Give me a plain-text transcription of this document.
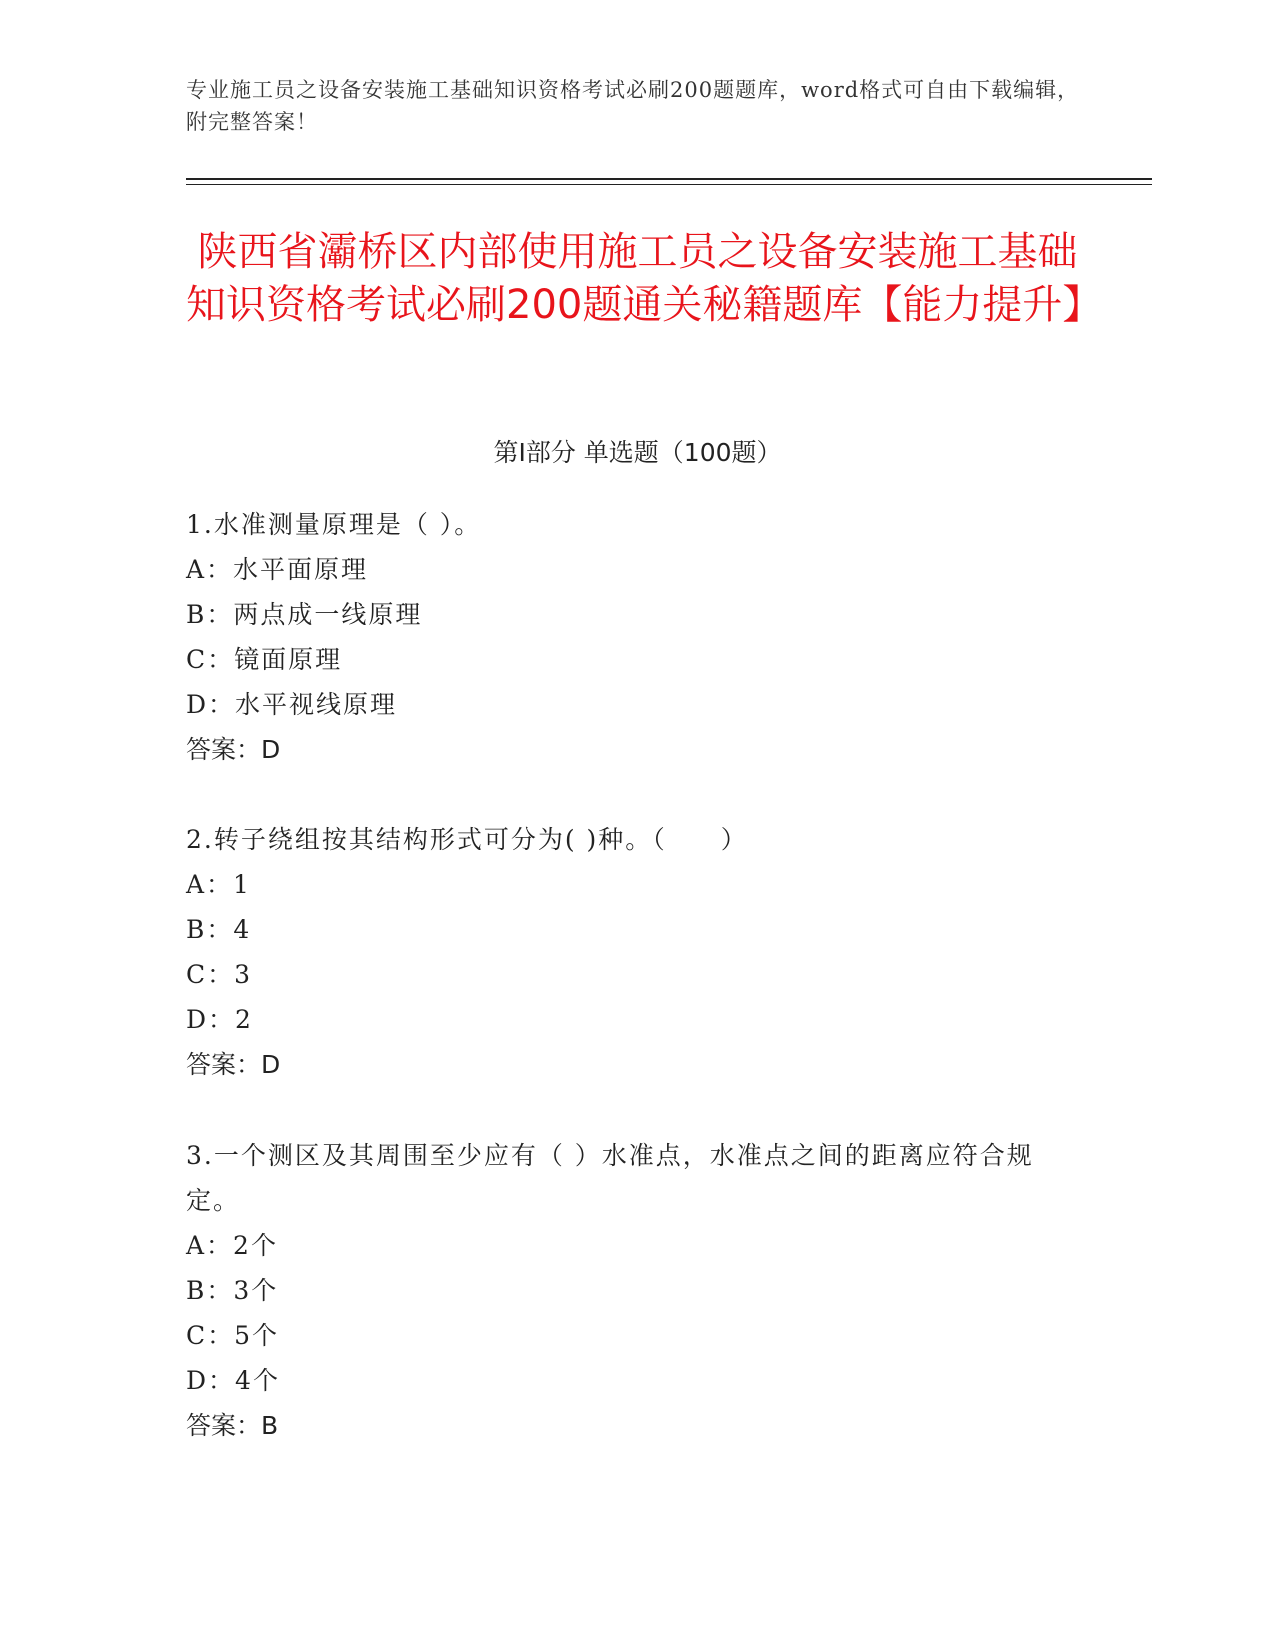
专业施工员之设备安装施工基础知识资格考试必刷200题题库，word格式可自由下载编辑，附完整答案！
陕西省灞桥区内部使用施工员之设备安装施工基础知识资格考试必刷200题通关秘籍题库【能力提升】
第I部分 单选题（100题）

1.水准测量原理是（ ）。

A：水平面原理

B：两点成一线原理

C：镜面原理

D：水平视线原理

答案：D

2.转子绕组按其结构形式可分为( )种。（　　）

A：1

B：4

C：3

D：2

答案：D

3.一个测区及其周围至少应有（ ）水准点，水准点之间的距离应符合规定。

A：2个

B：3个

C：5个

D：4个

答案：B
